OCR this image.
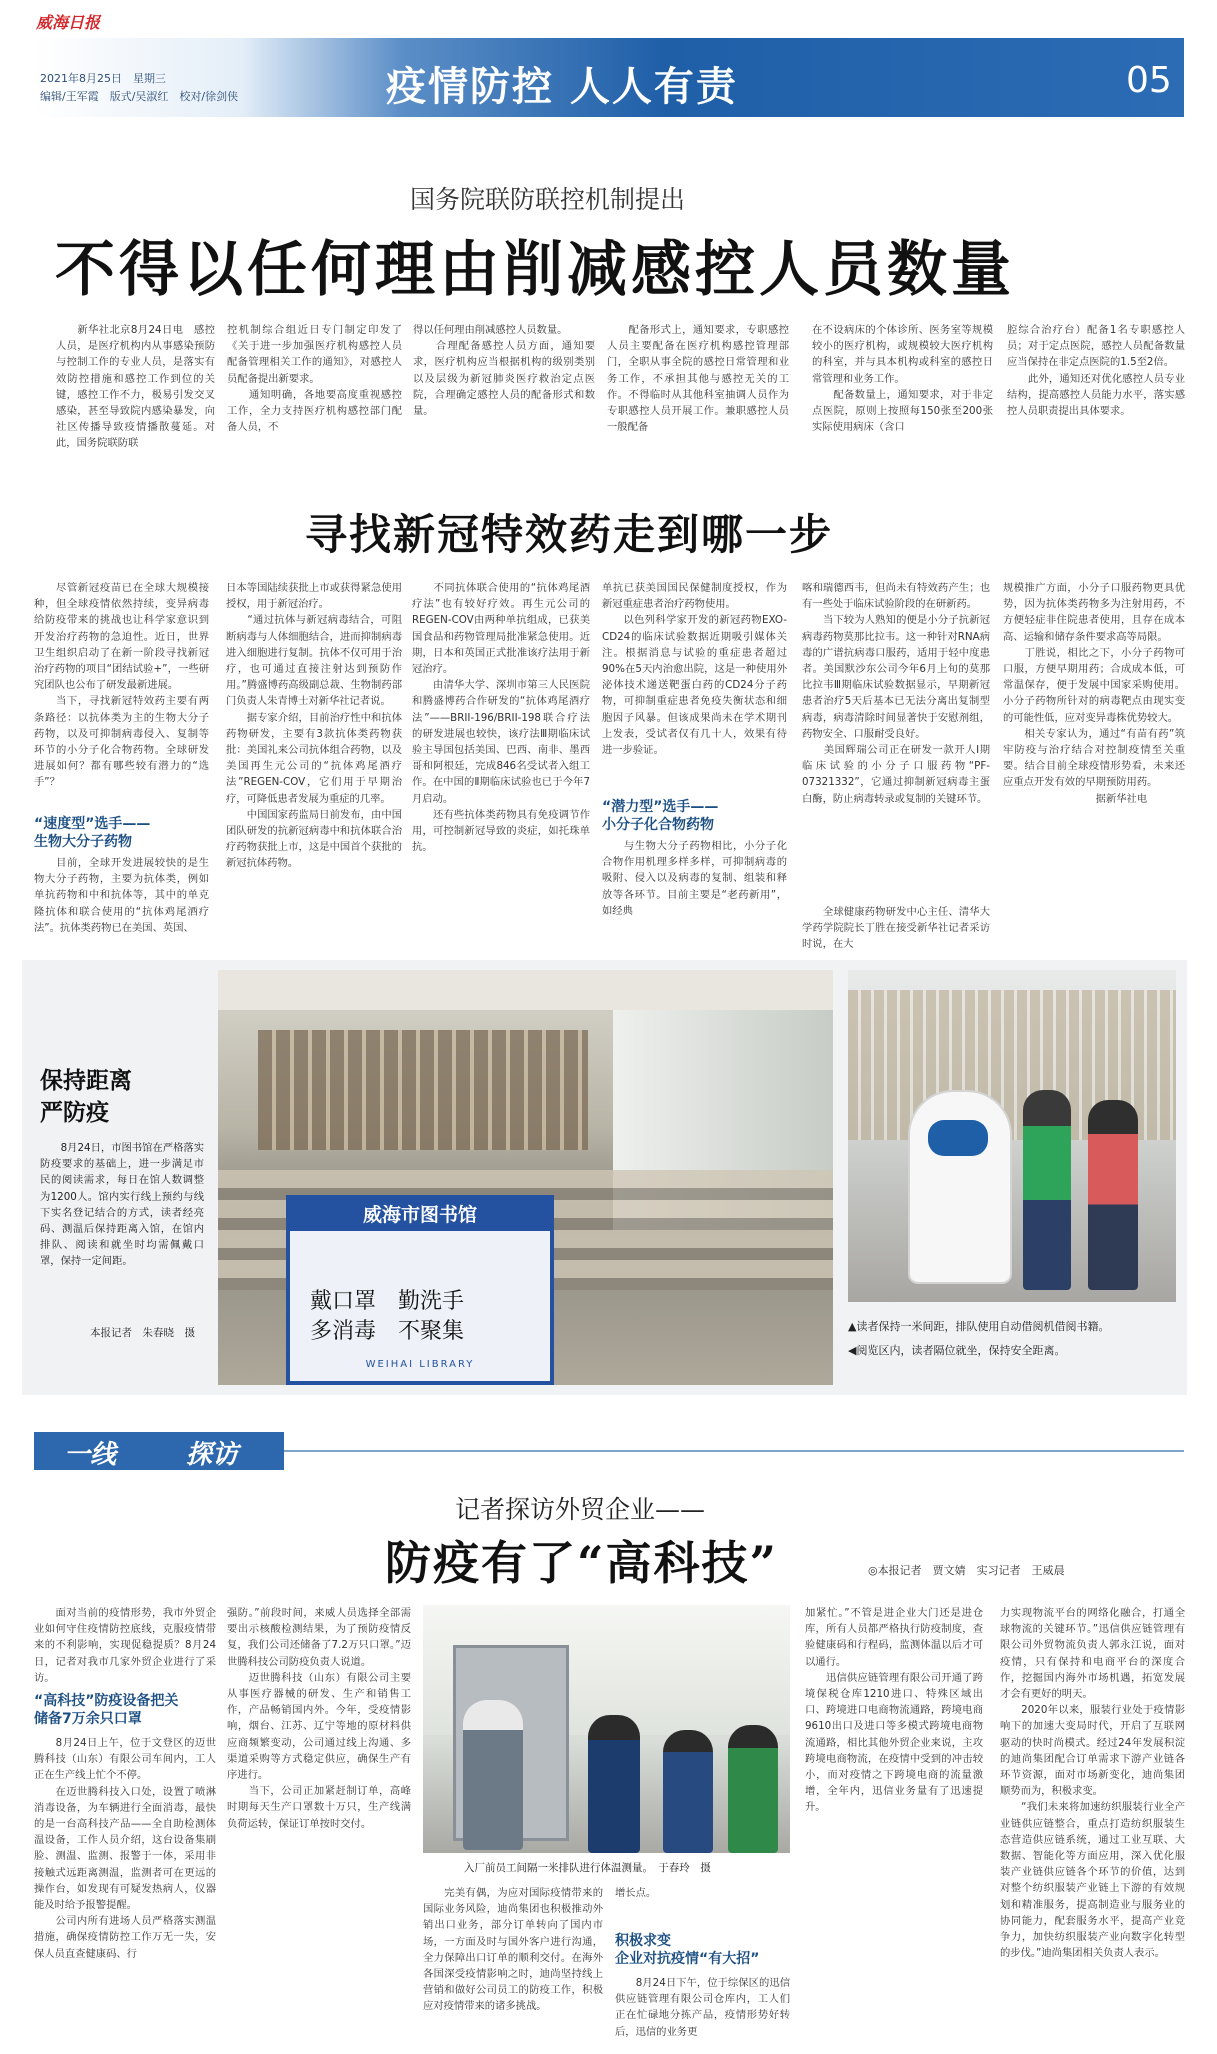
威海日报
2021年8月25日　星期三
编辑/王军霞　版式/吴淑红　校对/徐剑侠	疫情防控 人人有责	05
国务院联防联控机制提出
不得以任何理由削减感控人员数量
　　新华社北京8月24日电　感控人员，是医疗机构内从事感染预防与控制工作的专业人员，是落实有效防控措施和感控工作到位的关键，感控工作不力，极易引发交叉感染，甚至导致院内感染暴发，向社区传播导致疫情播散蔓延。对此，国务院联防联
控机制综合组近日专门制定印发了《关于进一步加强医疗机构感控人员配备管理相关工作的通知》，对感控人员配备提出新要求。
　　通知明确，各地要高度重视感控工作，全力支持医疗机构感控部门配备人员，不
得以任何理由削减感控人员数量。
　　合理配备感控人员方面，通知要求，医疗机构应当根据机构的级别类别以及层级为新冠肺炎医疗救治定点医院，合理确定感控人员的配备形式和数量。
　　配备形式上，通知要求，专职感控人员主要配备在医疗机构感控管理部门，全职从事全院的感控日常管理和业务工作，不承担其他与感控无关的工作。不得临时从其他科室抽调人员作为专职感控人员开展工作。兼职感控人员一般配备
在不设病床的个体诊所、医务室等规模较小的医疗机构，或规模较大医疗机构的科室，并与具本机构或科室的感控日常管理和业务工作。
　　配备数量上，通知要求，对于非定点医院，原则上按照每150张至200张实际使用病床（含口
腔综合治疗台）配备1名专职感控人员；对于定点医院，感控人员配备数量应当保持在非定点医院的1.5至2倍。
　　此外，通知还对优化感控人员专业结构，提高感控人员能力水平，落实感控人员职责提出具体要求。
寻找新冠特效药走到哪一步
　　尽管新冠疫苗已在全球大规模接种，但全球疫情依然持续，变异病毒给防疫带来的挑战也让科学家意识到开发治疗药物的急迫性。近日，世界卫生组织启动了在新一阶段寻找新冠治疗药物的项目“团结试验+”，一些研究团队也公布了研发最新进展。
　　当下，寻找新冠特效药主要有两条路径：以抗体类为主的生物大分子药物，以及可抑制病毒侵入、复制等环节的小分子化合物药物。全球研发进展如何？都有哪些较有潜力的“选手”？
“速度型”选手——
生物大分子药物
　　目前，全球开发进展较快的是生物大分子药物，主要为抗体类，例如单抗药物和中和抗体等，其中的单克隆抗体和联合使用的“抗体鸡尾酒疗法”。抗体类药物已在美国、英国、
日本等国陆续获批上市或获得紧急使用授权，用于新冠治疗。
　　“通过抗体与新冠病毒结合，可阻断病毒与人体细胞结合，进而抑制病毒进入细胞进行复制。抗体不仅可用于治疗，也可通过直接注射达到预防作用。”腾盛博药高级副总裁、生物制药部门负责人朱青博士对新华社记者说。
　　据专家介绍，目前治疗性中和抗体药物研发，主要有3款抗体类药物获批：美国礼来公司抗体组合药物，以及美国再生元公司的“抗体鸡尾酒疗法”REGEN-COV，它们用于早期治疗，可降低患者发展为重症的几率。
　　中国国家药监局日前发布，由中国团队研发的抗新冠病毒中和抗体联合治疗药物获批上市，这是中国首个获批的新冠抗体药物。
　　不同抗体联合使用的“抗体鸡尾酒疗法”也有较好疗效。再生元公司的REGEN-COV由两种单抗组成，已获美国食品和药物管理局批准紧急使用。近期，日本和英国正式批准该疗法用于新冠治疗。
　　由清华大学、深圳市第三人民医院和腾盛博药合作研发的“抗体鸡尾酒疗法”——BRII-196/BRII-198联合疗法的研发进展也较快，该疗法Ⅲ期临床试验主导国包括美国、巴西、南非、墨西哥和阿根廷，完成846名受试者入组工作。在中国的Ⅱ期临床试验也已于今年7月启动。
　　还有些抗体类药物具有免疫调节作用，可控制新冠导致的炎症，如托珠单抗。
单抗已获美国国民保健制度授权，作为新冠重症患者治疗药物使用。
　　以色列科学家开发的新冠药物EXO-CD24的临床试验数据近期吸引媒体关注。根据消息与试验的重症患者超过90%在5天内治愈出院，这是一种使用外泌体技术递送靶蛋白药的CD24分子药物，可抑制重症患者免疫失衡状态和细胞因子风暴。但该成果尚未在学术期刊上发表，受试者仅有几十人，效果有待进一步验证。
“潜力型”选手——
小分子化合物药物
　　与生物大分子药物相比，小分子化合物作用机理多样多样，可抑制病毒的吸附、侵入以及病毒的复制、组装和释放等各环节。目前主要是“老药新用”，如经典
喀和瑞德西韦，但尚未有特效药产生；也有一些处于临床试验阶段的在研新药。
　　当下较为人熟知的便是小分子抗新冠病毒药物莫那比拉韦。这一种针对RNA病毒的广谱抗病毒口服药，适用于轻中度患者。美国默沙东公司今年6月上旬的莫那比拉韦Ⅲ期临床试验数据显示，早期新冠患者治疗5天后基本已无法分离出复制型病毒，病毒清除时间显著快于安慰剂组，药物安全、口服耐受良好。
　　美国辉瑞公司正在研发一款开人Ⅰ期临床试验的小分子口服药物“PF-07321332”，它通过抑制新冠病毒主蛋白酶，防止病毒转录或复制的关键环节。
　　全球健康药物研发中心主任、清华大学药学院院长丁胜在接受新华社记者采访时说，在大
规模推广方面，小分子口服药物更具优势，因为抗体类药物多为注射用药，不方便轻症非住院患者使用，且存在成本高、运输和储存条件要求高等局限。
　　丁胜说，相比之下，小分子药物可口服，方便早期用药；合成成本低，可常温保存，便于发展中国家采购使用。小分子药物所针对的病毒靶点由现实变的可能性低，应对变异毒株优势较大。
　　相关专家认为，通过“有苗有药”筑牢防疫与治疗结合对控制疫情至关重要。结合目前全球疫情形势看，未来还应重点开发有效的早期预防用药。
　　　　　　　　　据新华社电
保持距离
严防疫
　　8月24日，市图书馆在严格落实防疫要求的基础上，进一步满足市民的阅读需求，每日在馆人数调整为1200人。馆内实行线上预约与线下实名登记结合的方式，读者经亮码、测温后保持距离入馆，在馆内排队、阅读和就坐时均需佩戴口罩，保持一定间距。
本报记者　朱春晓　摄
威海市图书馆
戴口罩　勤洗手
多消毒　不聚集
WEIHAI LIBRARY
▲读者保持一米间距，排队使用自动借阅机借阅书籍。
◀阅览区内，读者隔位就坐，保持安全距离。
一线	探访
记者探访外贸企业——
防疫有了“高科技”	◎本报记者　贾文婧　实习记者　王威晨
　　面对当前的疫情形势，我市外贸企业如何守住疫情防控底线，克服疫情带来的不利影响，实现促稳提质？8月24日，记者对我市几家外贸企业进行了采访。
“高科技”防疫设备把关
储备7万余只口罩
　　8月24日上午，位于文登区的迈世腾科技（山东）有限公司车间内，工人正在生产线上忙个不停。
　　在迈世腾科技入口处，设置了喷淋消毒设备，为车辆进行全面消毒，最快的是一台高科技产品——全自助检测体温设备，工作人员介绍，这台设备集刷脸、测温、监测、报警于一体，采用非接触式远距离测温，监测者可在更远的操作台，如发现有可疑发热病人，仪器能及时给予报警提醒。
　　公司内所有进场人员严格落实测温措施，确保疫情防控工作万无一失，安保人员直查健康码、行
强防。”前段时间，来威人员选择全部需要出示核酸检测结果，为了预防疫情反复，我们公司还储备了7.2万只口罩。”迈世腾科技公司防疫负责人说道。
　　迈世腾科技（山东）有限公司主要从事医疗器械的研发、生产和销售工作，产品畅销国内外。今年，受疫情影响，烟台、江苏、辽宁等地的原材料供应商频繁变动，公司通过线上沟通、多渠道采购等方式稳定供应，确保生产有序进行。
　　当下，公司正加紧赶制订单，高峰时期每天生产口罩数十万只，生产线满负荷运转，保证订单按时交付。
入厂前员工间隔一米排队进行体温测量。　于春玲　摄
　　完美有偶，为应对国际疫情带来的国际业务风险，迪尚集团也积极推动外销出口业务，部分订单转向了国内市场，一方面及时与国外客户进行沟通，全力保障出口订单的顺利交付。在海外各国深受疫情影响之时，迪尚坚持线上营销和做好公司员工的防疫工作，积极应对疫情带来的诸多挑战。
增长点。
积极求变
企业对抗疫情“有大招”
　　8月24日下午，位于综保区的迅信供应链管理有限公司仓库内，工人们正在忙碌地分拣产品，疫情形势好转后，迅信的业务更
加紧忙。”不管是进企业大门还是进仓库，所有人员都严格执行防疫制度，查验健康码和行程码，监测体温以后才可以通行。
　　迅信供应链管理有限公司开通了跨境保税仓库1210进口、特殊区域出口、跨境进口电商物流通路，跨境电商9610出口及进口等多模式跨境电商物流通路，相比其他外贸企业来说，主攻跨境电商物流，在疫情中受到的冲击较小，而对疫情之下跨境电商的流量激增，全年内，迅信业务量有了迅速提升。
力实现物流平台的网络化融合，打通全球物流的关键环节。”迅信供应链管理有限公司外贸物流负责人郭永江说，面对疫情，只有保持和电商平台的深度合作，挖掘国内海外市场机遇，拓宽发展才会有更好的明天。
　　2020年以来，服装行业处于疫情影响下的加速大变局时代，开启了互联网驱动的快时尚模式。经过24年发展积淀的迪尚集团配合订单需求下游产业链各环节资源，面对市场新变化，迪尚集团顺势而为，积极求变。
　　“我们未来将加速纺织服装行业全产业链供应链整合，重点打造纺织服装生态营造供应链系统，通过工业互联、大数据、智能化等方面应用，深入优化服装产业链供应链各个环节的价值，达到对整个纺织服装产业链上下游的有效规划和精准服务，提高制造业与服务业的协同能力，配套服务水平，提高产业竞争力，加快纺织服装产业向数字化转型的步伐。”迪尚集团相关负责人表示。
